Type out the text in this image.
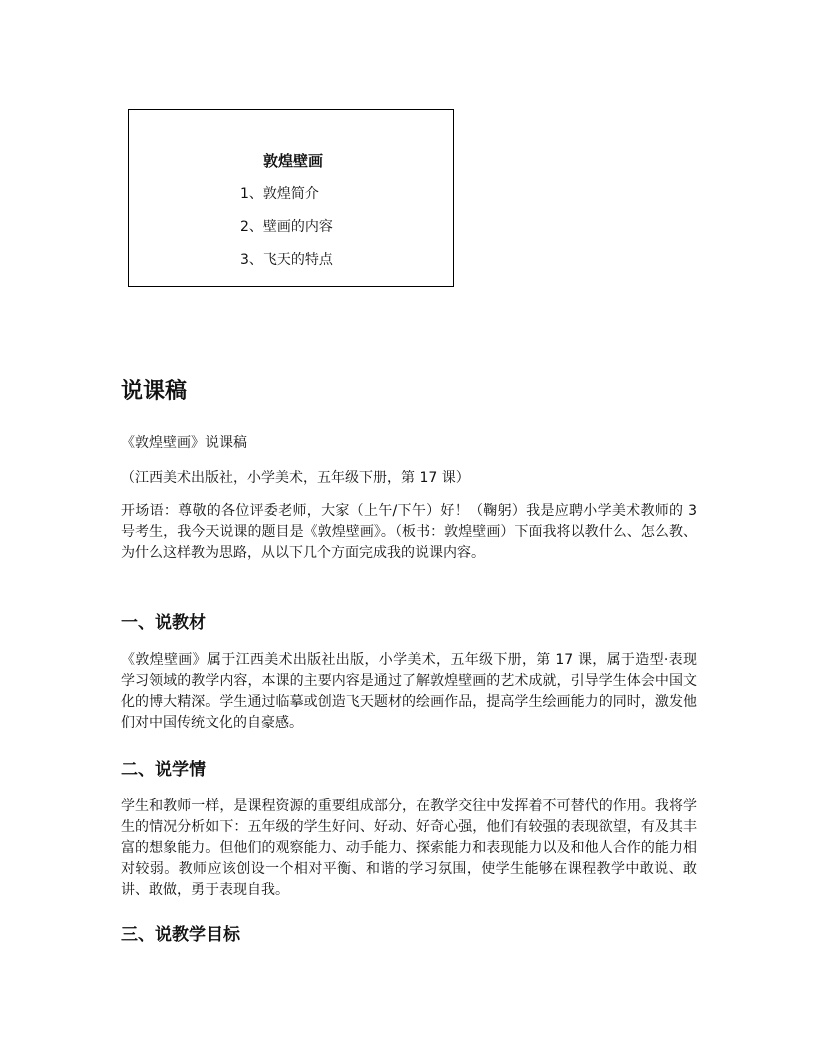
敦煌壁画
1、敦煌简介
2、壁画的内容
3、飞天的特点
说课稿

《敦煌壁画》说课稿

（江西美术出版社，小学美术，五年级下册，第 17 课）

开场语：尊敬的各位评委老师，大家（上午/下午）好！（鞠躬）我是应聘小学美术教师的 3 号考生，我今天说课的题目是《敦煌壁画》。（板书：敦煌壁画）下面我将以教什么、怎么教、为什么这样教为思路，从以下几个方面完成我的说课内容。

一、说教材

《敦煌壁画》属于江西美术出版社出版，小学美术，五年级下册，第 17 课，属于造型·表现学习领域的教学内容，本课的主要内容是通过了解敦煌壁画的艺术成就，引导学生体会中国文化的博大精深。学生通过临摹或创造飞天题材的绘画作品，提高学生绘画能力的同时，激发他们对中国传统文化的自豪感。

二、说学情

学生和教师一样，是课程资源的重要组成部分，在教学交往中发挥着不可替代的作用。我将学生的情况分析如下：五年级的学生好问、好动、好奇心强，他们有较强的表现欲望，有及其丰富的想象能力。但他们的观察能力、动手能力、探索能力和表现能力以及和他人合作的能力相对较弱。教师应该创设一个相对平衡、和谐的学习氛围，使学生能够在课程教学中敢说、敢讲、敢做，勇于表现自我。

三、说教学目标
